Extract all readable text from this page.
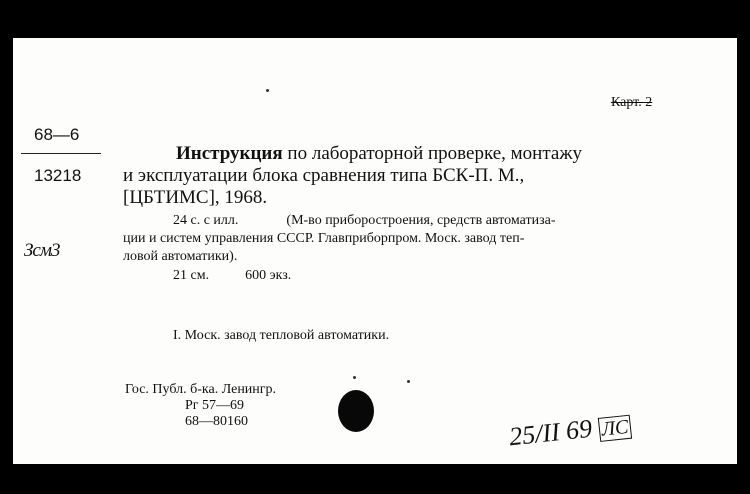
Карт. 2
68—6
13218
Зсм3
Инструкция по лабораторной проверке, монтажу
и эксплуатации блока сравнения типа БСК-П. М.,
[ЦБТИМС], 1968.
24 с. с илл.	(М-во приборостроения, средств автоматиза-
ции и систем управления СССР. Главприборпром. Моск. завод теп-
ловой автоматики).
21 см.	600 экз.
I. Моск. завод тепловой автоматики.
Гос. Публ. б-ка. Ленингр.
Рг 57—69
68—80160	25/II 69 ЛС
